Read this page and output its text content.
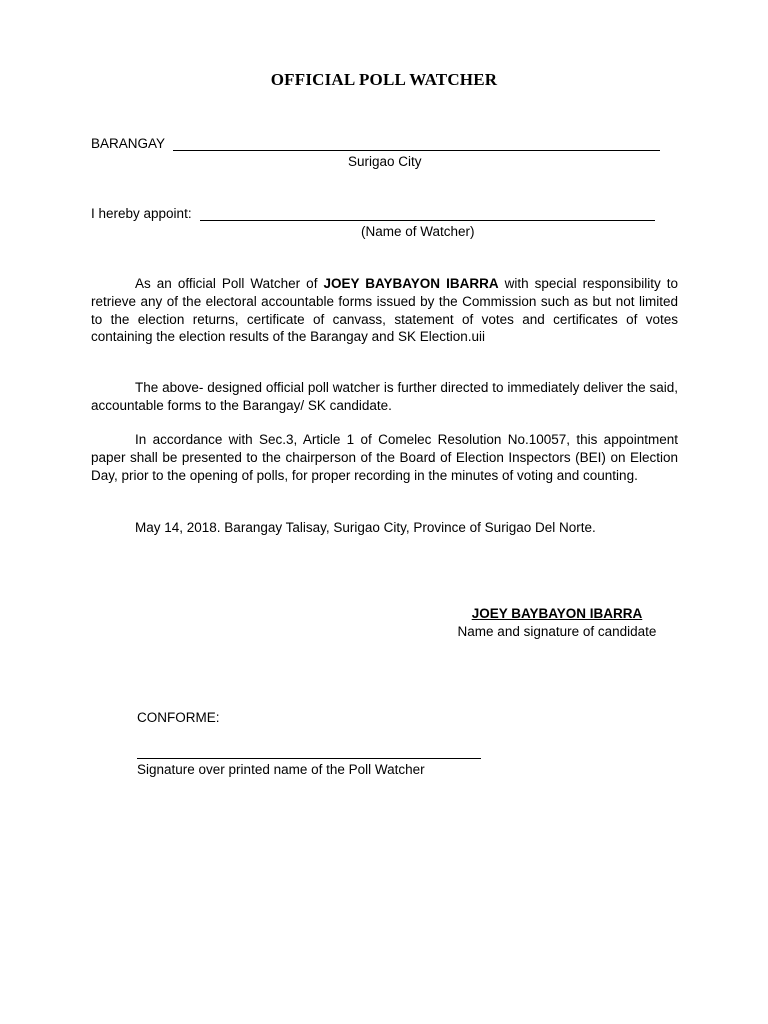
OFFICIAL POLL WATCHER
BARANGAY
Surigao City
I hereby appoint:
(Name of Watcher)

As an official Poll Watcher of JOEY BAYBAYON IBARRA with special responsibility to retrieve any of the electoral accountable forms issued by the Commission such as but not limited to the election returns, certificate of canvass, statement of votes and certificates of votes containing the election results of the Barangay and SK Election.uii

The above- designed official poll watcher is further directed to immediately deliver the said, accountable forms to the Barangay/ SK candidate.

In accordance with Sec.3, Article 1 of Comelec Resolution No.10057, this appointment paper shall be presented to the chairperson of the Board of Election Inspectors (BEI) on Election Day, prior to the opening of polls, for proper recording in the minutes of voting and counting.

May 14, 2018. Barangay Talisay, Surigao City, Province of Surigao Del Norte.

JOEY BAYBAYON IBARRA
Name and signature of candidate
CONFORME:
Signature over printed name of the Poll Watcher
